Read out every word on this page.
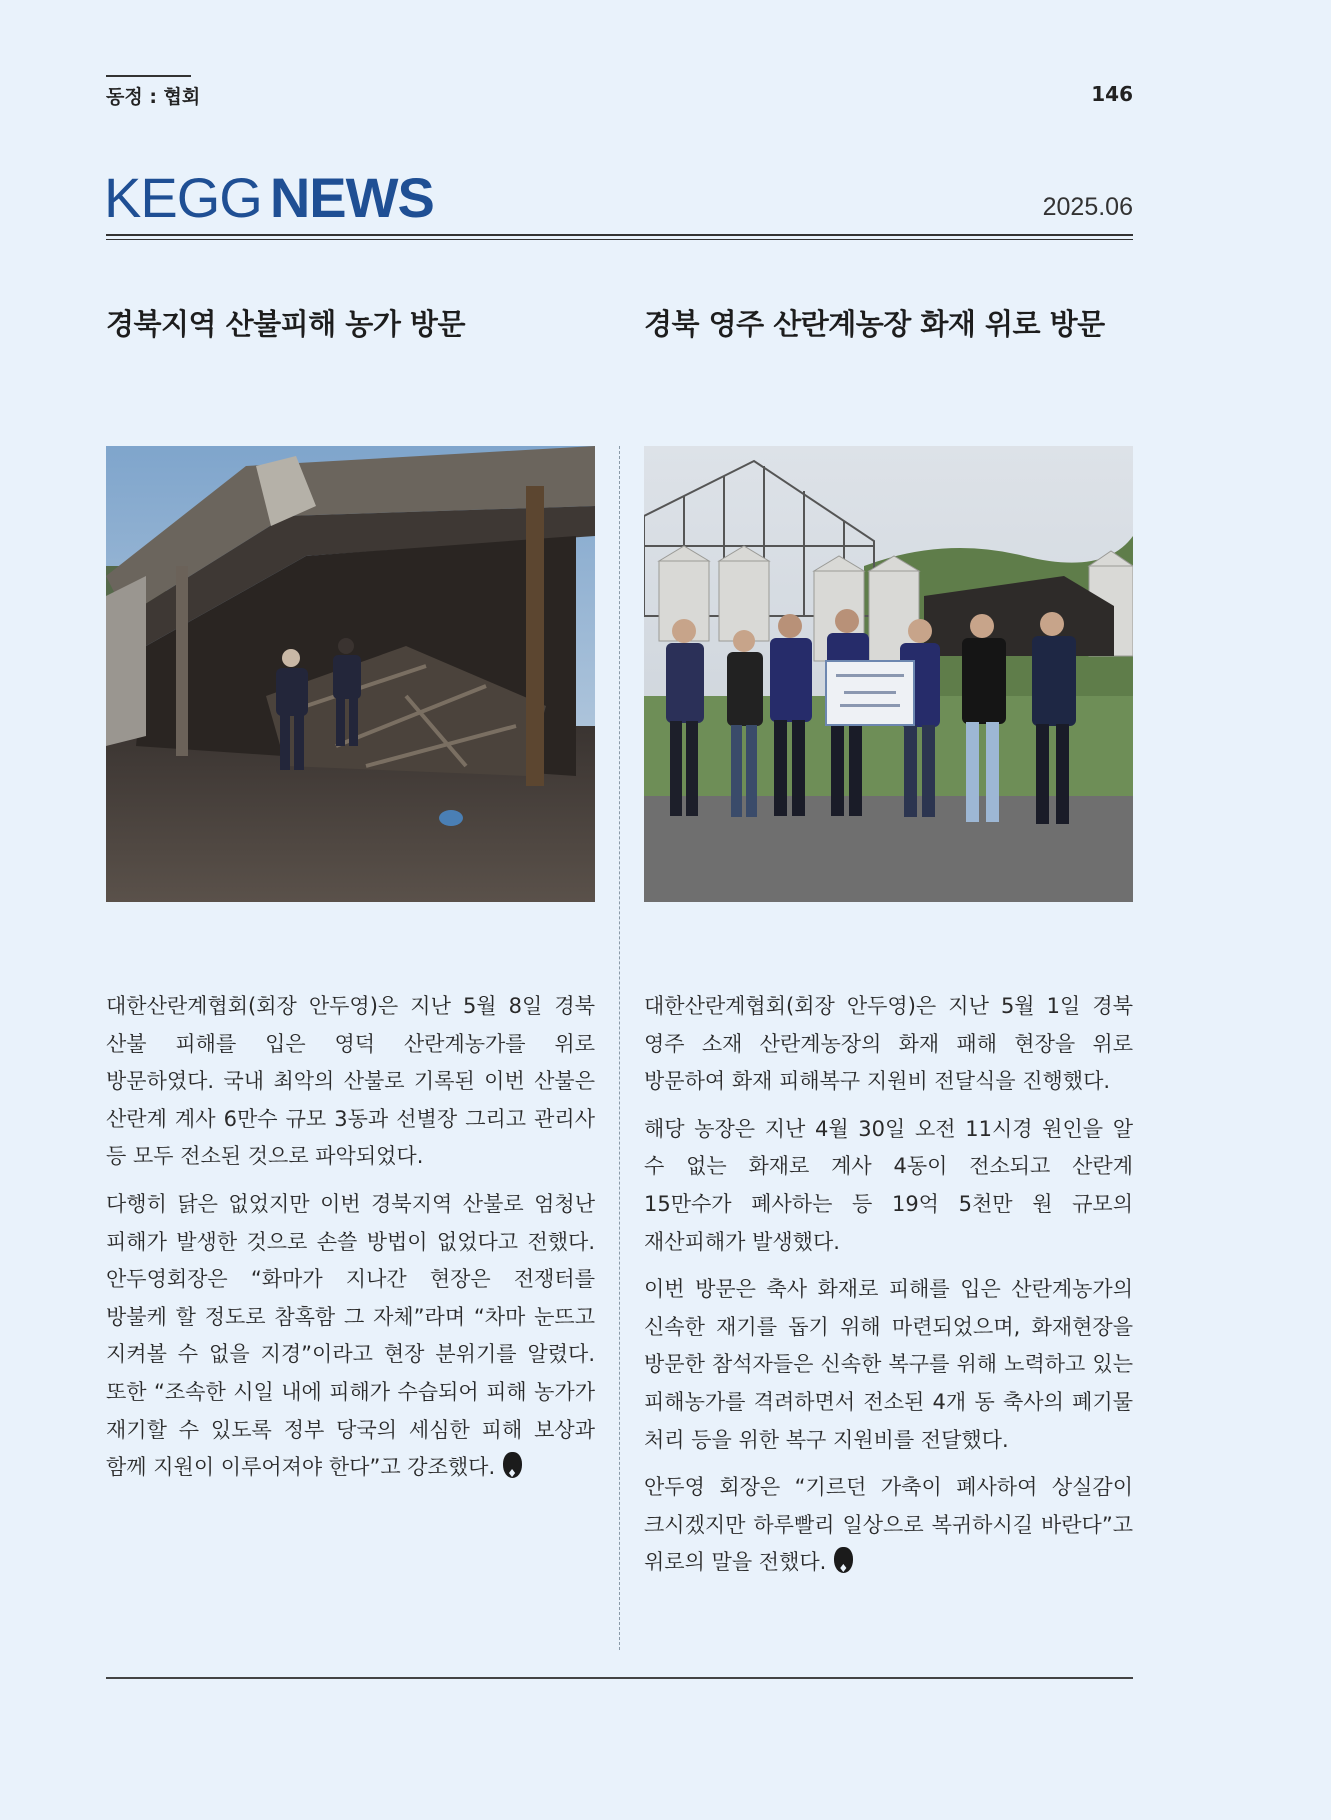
동정 : 협회	146
KEGG NEWS	2025.06
경북지역 산불피해 농가 방문	경북 영주 산란계농장 화재 위로 방문

대한산란계협회(회장 안두영)은 지난 5월 8일 경북 산불 피해를 입은 영덕 산란계농가를 위로 방문하였다. 국내 최악의 산불로 기록된 이번 산불은 산란계 계사 6만수 규모 3동과 선별장 그리고 관리사 등 모두 전소된 것으로 파악되었다.

다행히 닭은 없었지만 이번 경북지역 산불로 엄청난 피해가 발생한 것으로 손쓸 방법이 없었다고 전했다. 안두영회장은 “화마가 지나간 현장은 전쟁터를 방불케 할 정도로 참혹함 그 자체”라며 “차마 눈뜨고 지켜볼 수 없을 지경”이라고 현장 분위기를 알렸다. 또한 “조속한 시일 내에 피해가 수습되어 피해 농가가 재기할 수 있도록 정부 당국의 세심한 피해 보상과 함께 지원이 이루어져야 한다”고 강조했다.♦

대한산란계협회(회장 안두영)은 지난 5월 1일 경북 영주 소재 산란계농장의 화재 패해 현장을 위로 방문하여 화재 피해복구 지원비 전달식을 진행했다.

해당 농장은 지난 4월 30일 오전 11시경 원인을 알 수 없는 화재로 계사 4동이 전소되고 산란계 15만수가 폐사하는 등 19억 5천만 원 규모의 재산피해가 발생했다.

이번 방문은 축사 화재로 피해를 입은 산란계농가의 신속한 재기를 돕기 위해 마련되었으며, 화재현장을 방문한 참석자들은 신속한 복구를 위해 노력하고 있는 피해농가를 격려하면서 전소된 4개 동 축사의 폐기물 처리 등을 위한 복구 지원비를 전달했다.

안두영 회장은 “기르던 가축이 폐사하여 상실감이 크시겠지만 하루빨리 일상으로 복귀하시길 바란다”고 위로의 말을 전했다.♦
